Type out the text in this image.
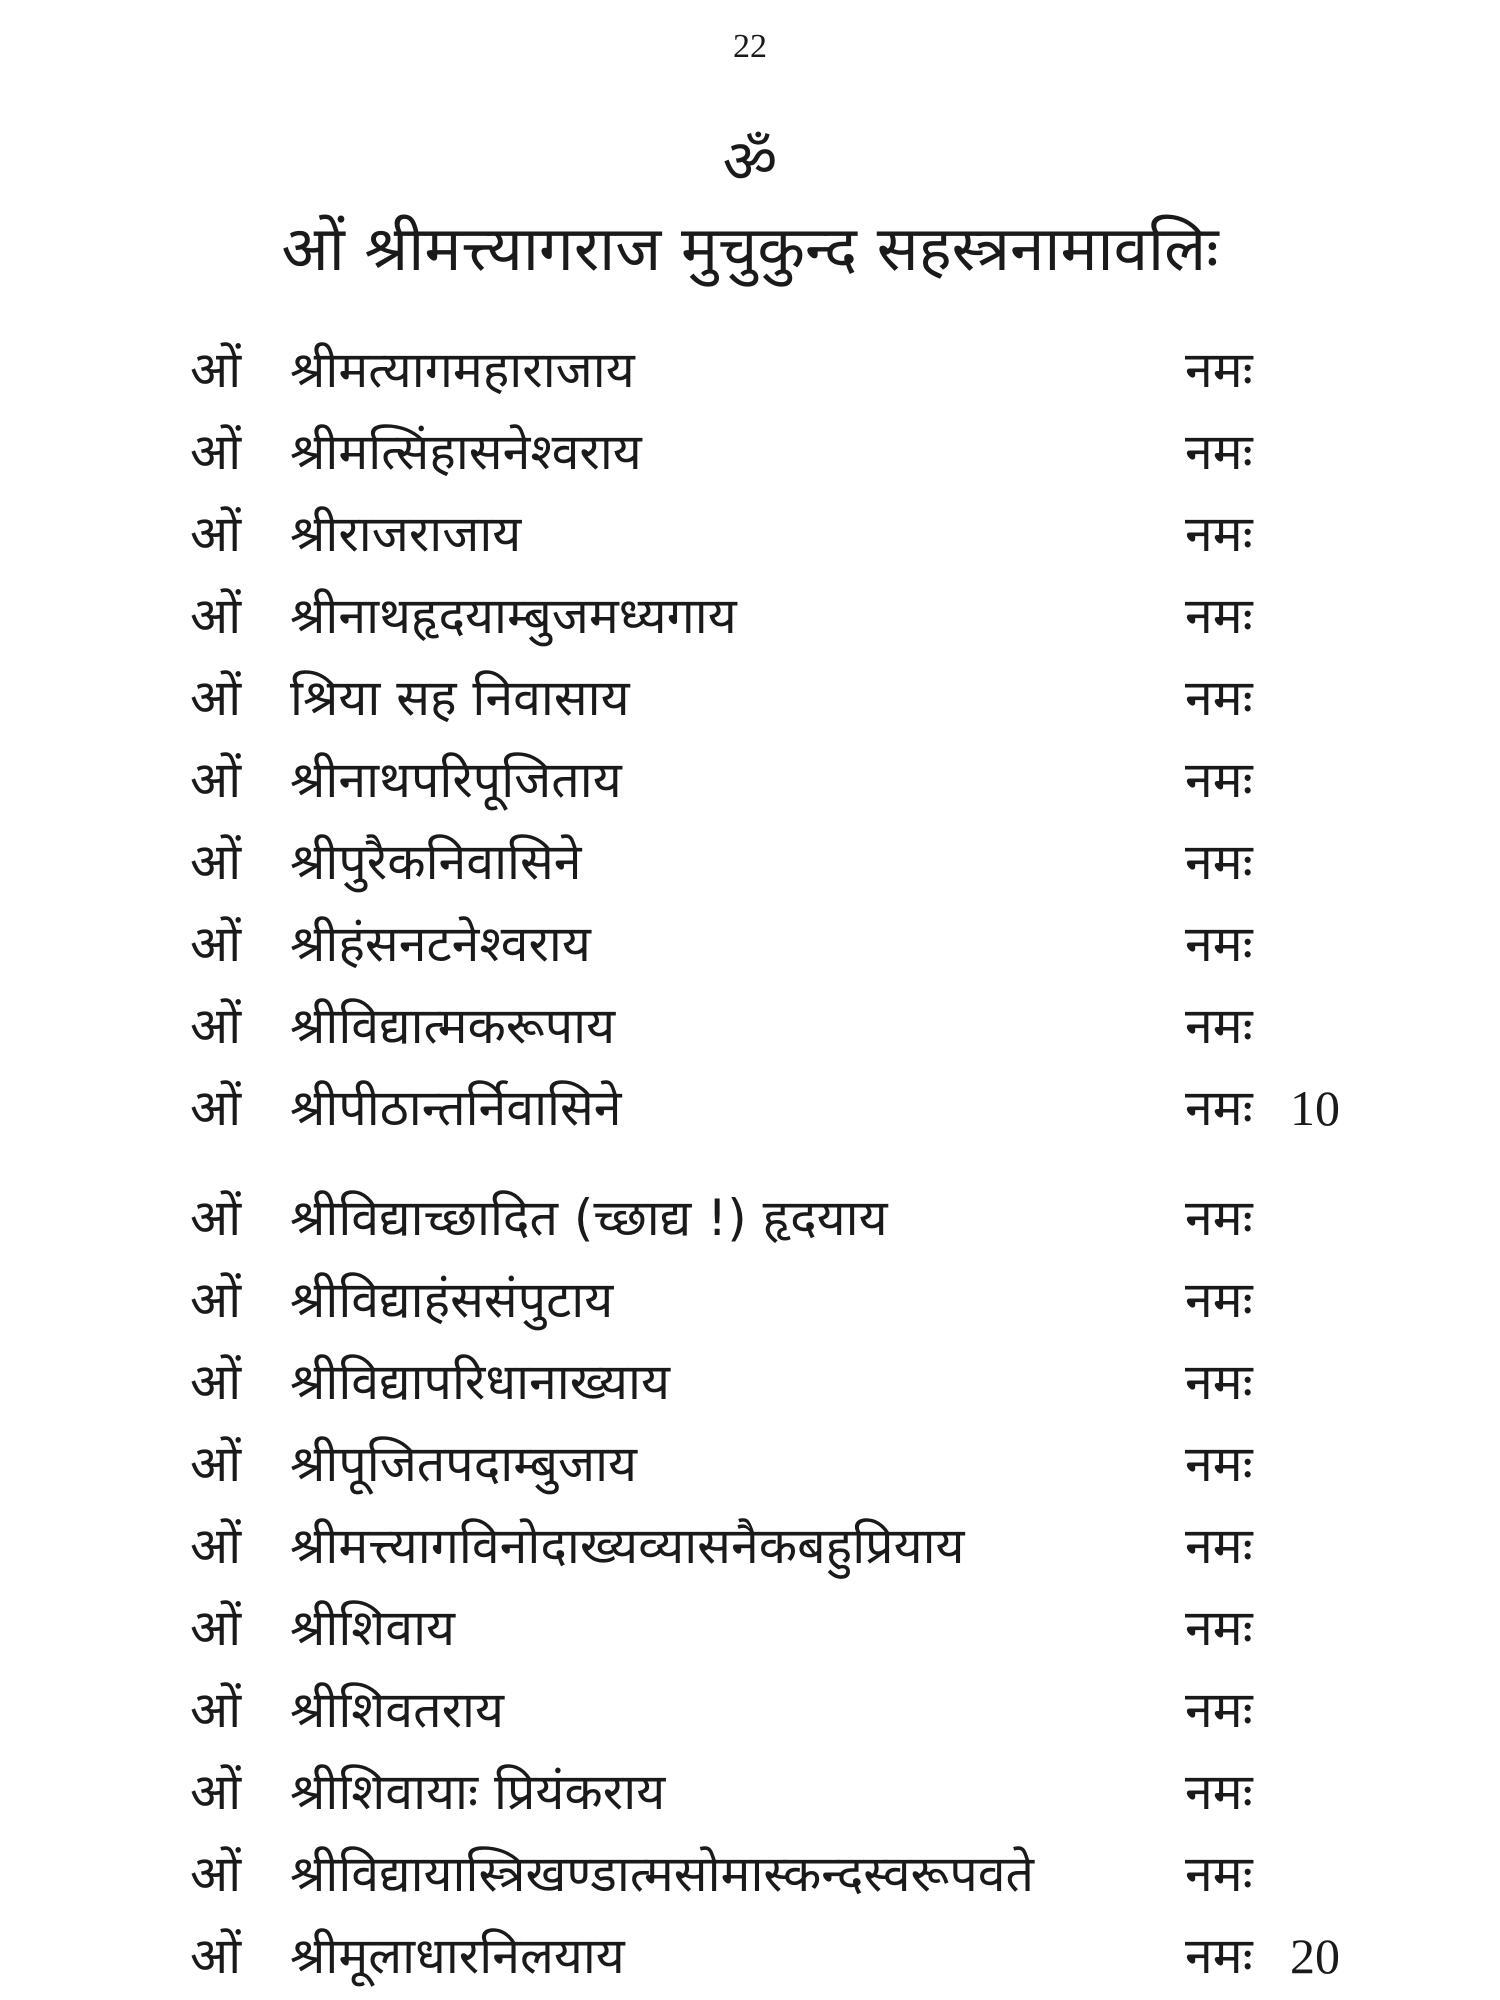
22
ॐ
ओं श्रीमत्त्यागराज मुचुकुन्द सहस्त्रनामावलिः
ओं श्रीमत्यागमहाराजाय	नमः
ओं श्रीमत्सिंहासनेश्वराय	नमः
ओं श्रीराजराजाय	नमः
ओं श्रीनाथहृदयाम्बुजमध्यगाय	नमः
ओं श्रिया सह निवासाय	नमः
ओं श्रीनाथपरिपूजिताय	नमः
ओं श्रीपुरैकनिवासिने	नमः
ओं श्रीहंसनटनेश्वराय	नमः
ओं श्रीविद्यात्मकरूपाय	नमः
ओं श्रीपीठान्तर्निवासिने	नमः 10
ओं श्रीविद्याच्छादित (च्छाद्य !) हृदयाय	नमः
ओं श्रीविद्याहंससंपुटाय	नमः
ओं श्रीविद्यापरिधानाख्याय	नमः
ओं श्रीपूजितपदाम्बुजाय	नमः
ओं श्रीमत्त्यागविनोदाख्यव्यासनैकबहुप्रियाय	नमः
ओं श्रीशिवाय	नमः
ओं श्रीशिवतराय	नमः
ओं श्रीशिवायाः प्रियंकराय	नमः
ओं श्रीविद्यायास्त्रिखण्डात्मसोमास्कन्दस्वरूपवते	नमः
ओं श्रीमूलाधारनिलयाय	नमः 20
